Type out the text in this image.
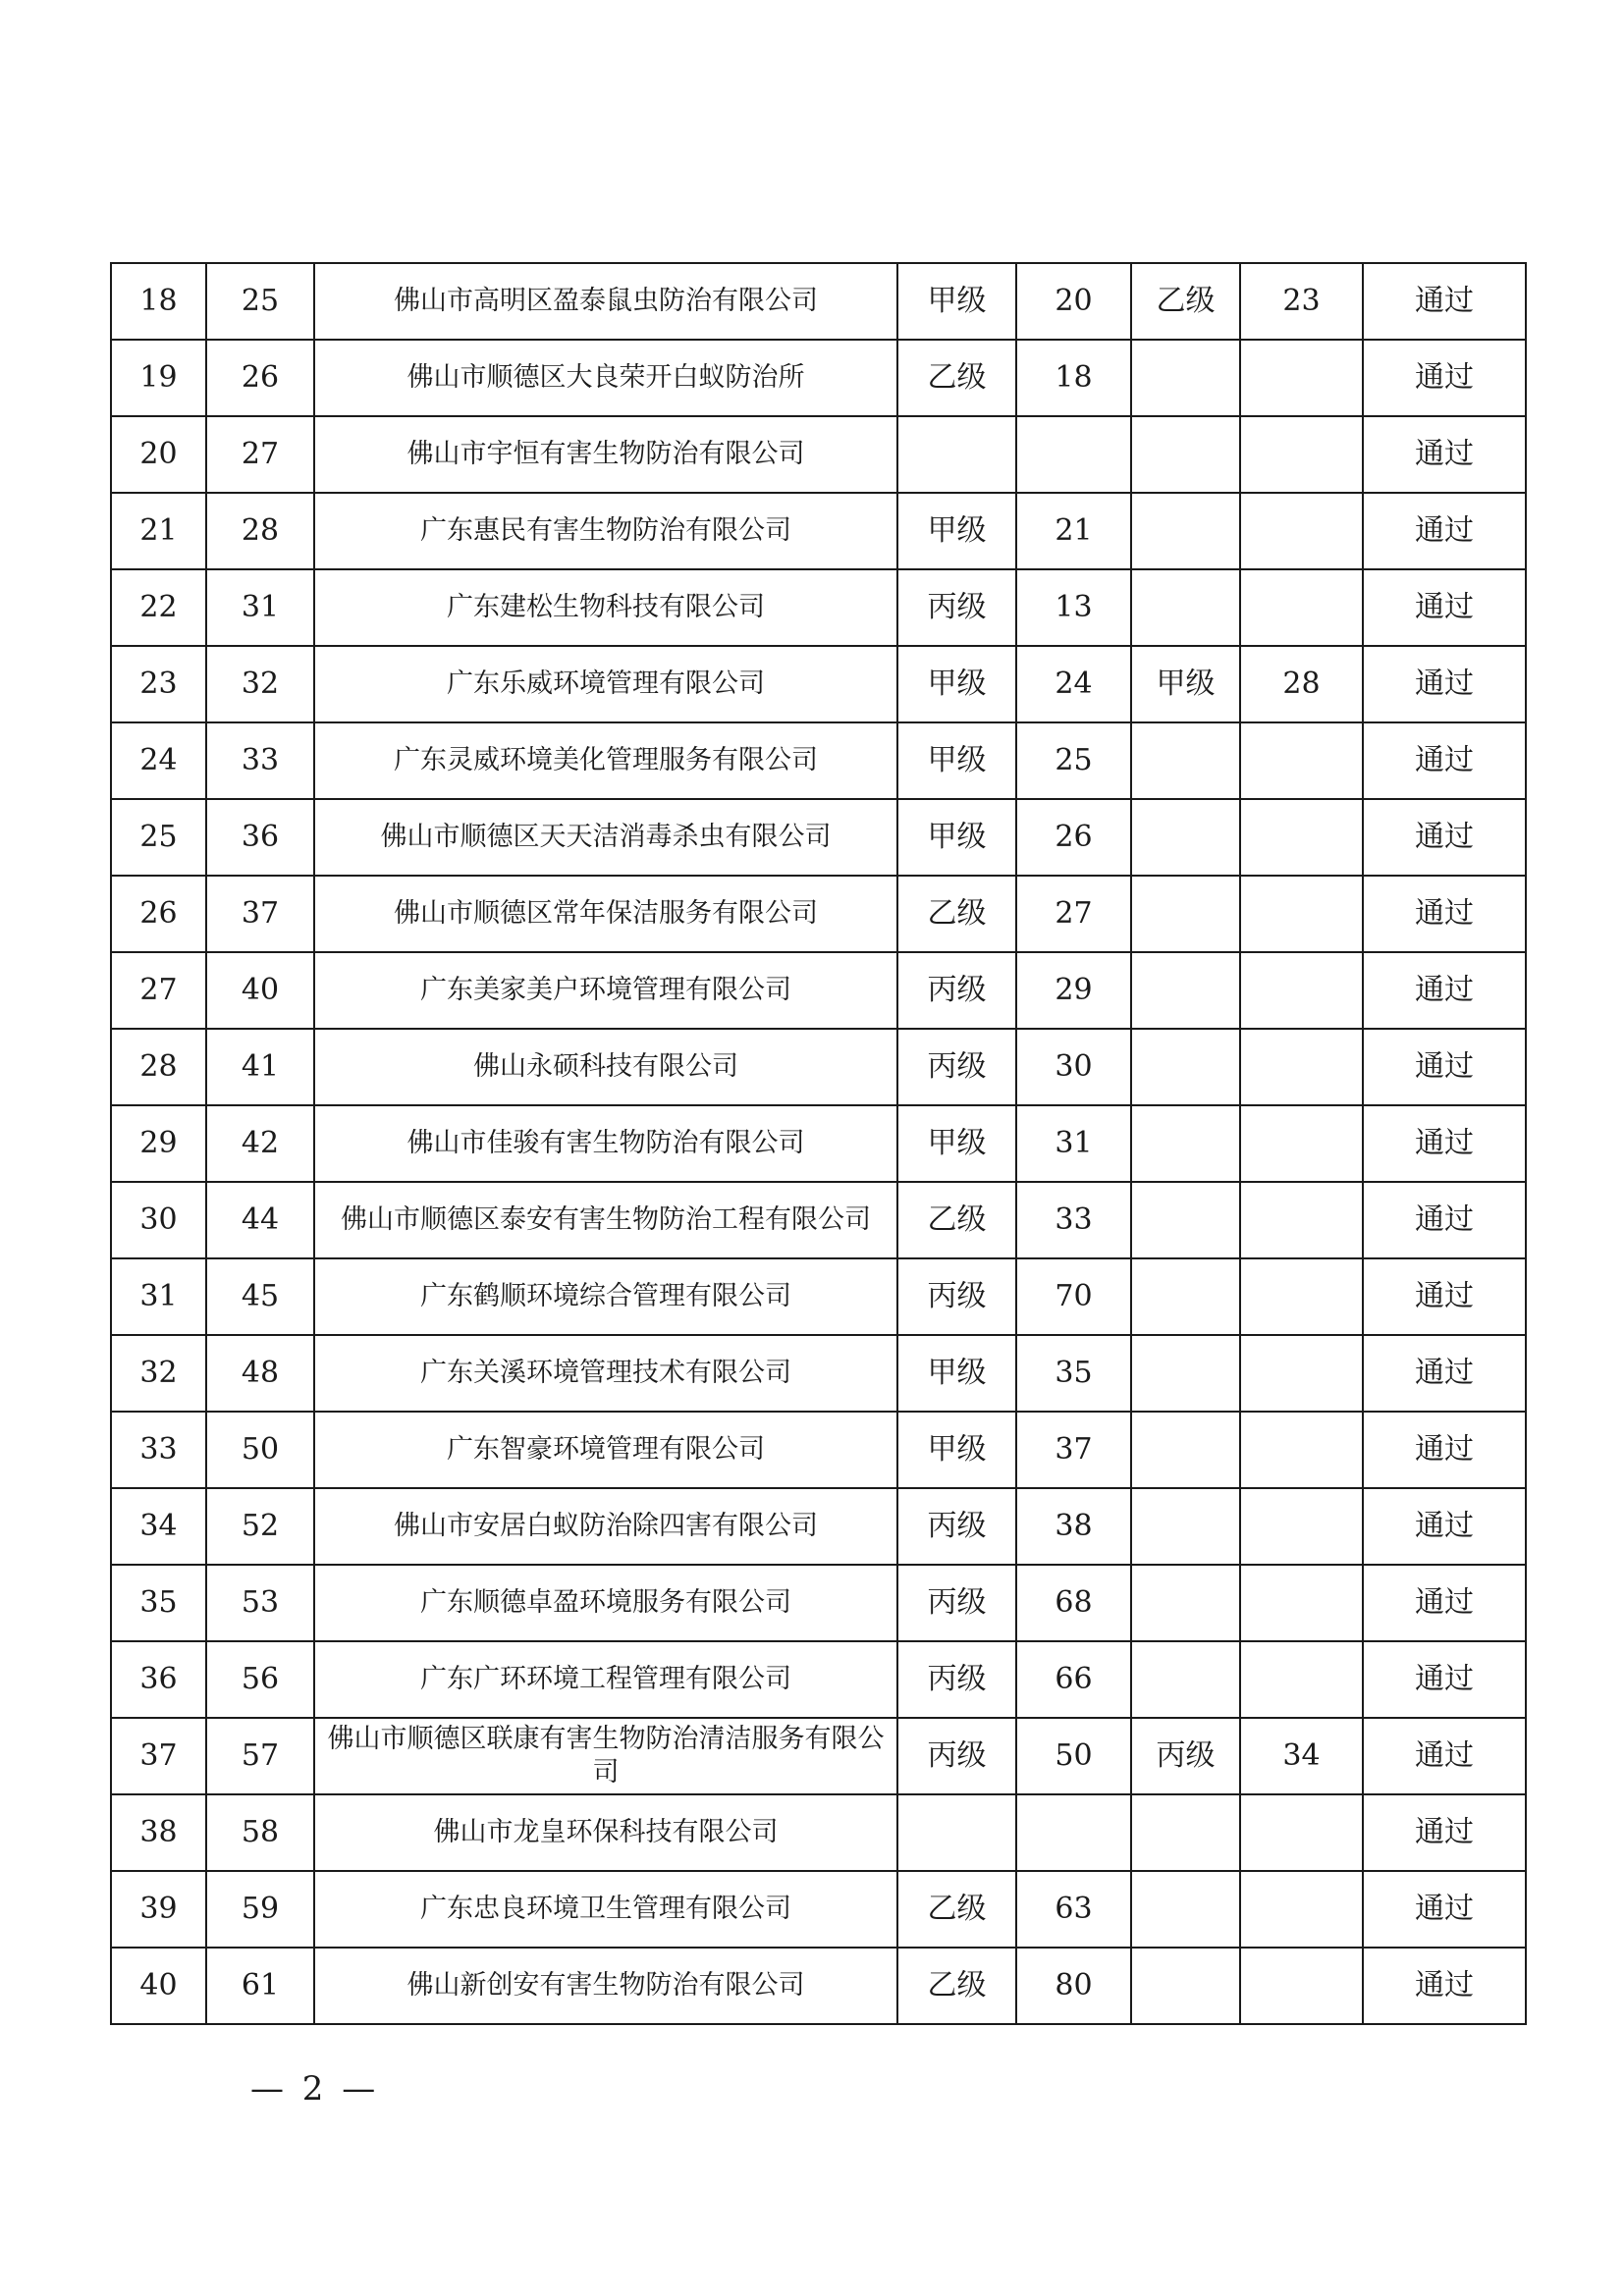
18	25	佛山市高明区盈泰鼠虫防治有限公司	甲级	20	乙级	23	通过
19	26	佛山市顺德区大良荣开白蚁防治所	乙级	18			通过
20	27	佛山市宇恒有害生物防治有限公司					通过
21	28	广东惠民有害生物防治有限公司	甲级	21			通过
22	31	广东建松生物科技有限公司	丙级	13			通过
23	32	广东乐威环境管理有限公司	甲级	24	甲级	28	通过
24	33	广东灵威环境美化管理服务有限公司	甲级	25			通过
25	36	佛山市顺德区天天洁消毒杀虫有限公司	甲级	26			通过
26	37	佛山市顺德区常年保洁服务有限公司	乙级	27			通过
27	40	广东美家美户环境管理有限公司	丙级	29			通过
28	41	佛山永硕科技有限公司	丙级	30			通过
29	42	佛山市佳骏有害生物防治有限公司	甲级	31			通过
30	44	佛山市顺德区泰安有害生物防治工程有限公司	乙级	33			通过
31	45	广东鹤顺环境综合管理有限公司	丙级	70			通过
32	48	广东关溪环境管理技术有限公司	甲级	35			通过
33	50	广东智豪环境管理有限公司	甲级	37			通过
34	52	佛山市安居白蚁防治除四害有限公司	丙级	38			通过
35	53	广东顺德卓盈环境服务有限公司	丙级	68			通过
36	56	广东广环环境工程管理有限公司	丙级	66			通过
37	57	佛山市顺德区联康有害生物防治清洁服务有限公司	丙级	50	丙级	34	通过
38	58	佛山市龙皇环保科技有限公司					通过
39	59	广东忠良环境卫生管理有限公司	乙级	63			通过
40	61	佛山新创安有害生物防治有限公司	乙级	80			通过
— 2 —
